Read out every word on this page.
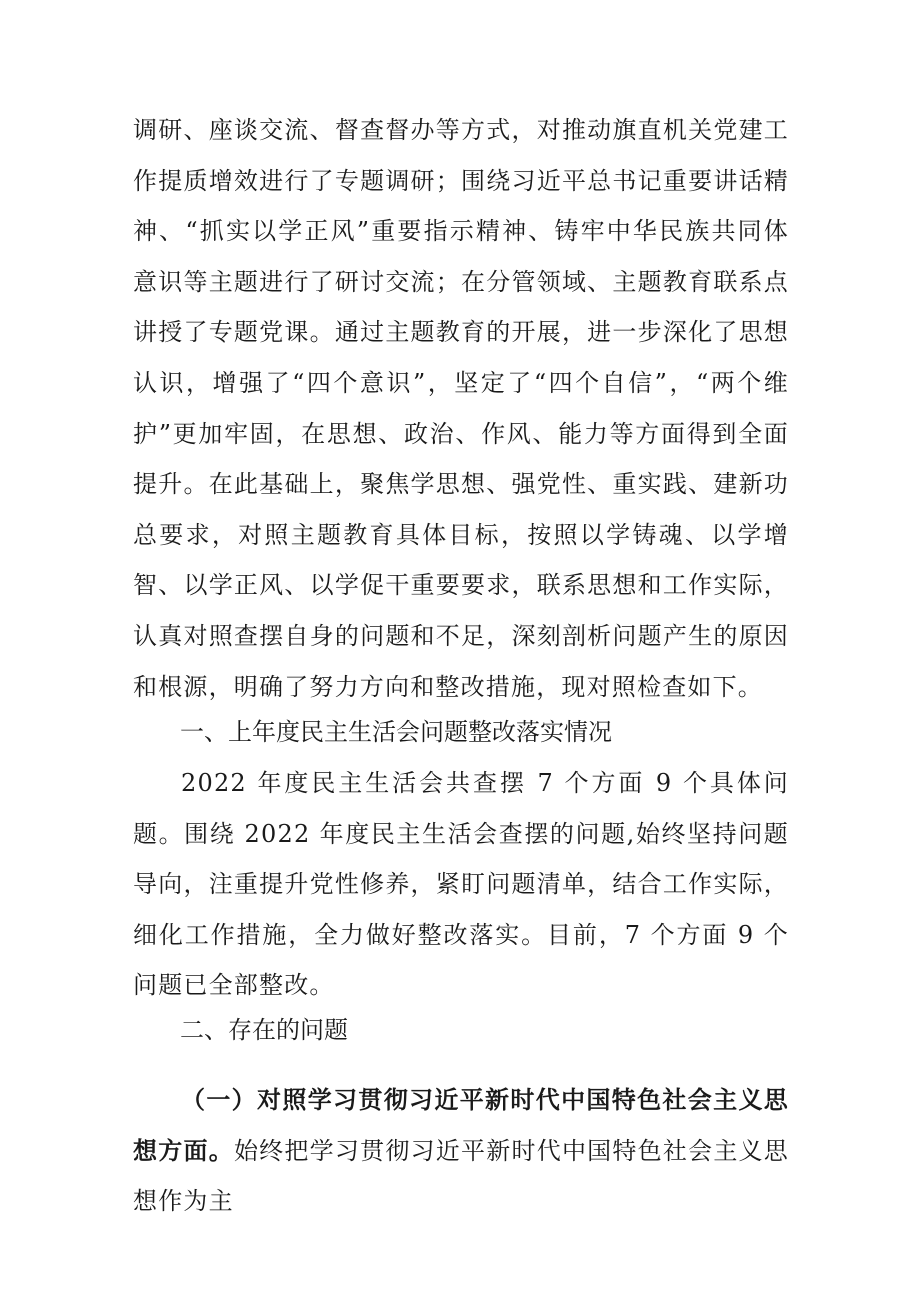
调研、座谈交流、督查督办等方式，对推动旗直机关党建工作提质增效进行了专题调研；围绕习近平总书记重要讲话精神、“抓实以学正风”重要指示精神、铸牢中华民族共同体意识等主题进行了研讨交流；在分管领域、主题教育联系点讲授了专题党课。通过主题教育的开展，进一步深化了思想认识，增强了“四个意识”，坚定了“四个自信”，“两个维护”更加牢固，在思想、政治、作风、能力等方面得到全面提升。在此基础上，聚焦学思想、强党性、重实践、建新功总要求，对照主题教育具体目标，按照以学铸魂、以学增智、以学正风、以学促干重要要求，联系思想和工作实际，认真对照查摆自身的问题和不足，深刻剖析问题产生的原因和根源，明确了努力方向和整改措施，现对照检查如下。

一、上年度民主生活会问题整改落实情况

2022 年度民主生活会共查摆 7 个方面 9 个具体问题。围绕 2022 年度民主生活会查摆的问题,始终坚持问题导向，注重提升党性修养，紧盯问题清单，结合工作实际，细化工作措施，全力做好整改落实。目前，7 个方面 9 个问题已全部整改。

二、存在的问题

（一）对照学习贯彻习近平新时代中国特色社会主义思想方面。始终把学习贯彻习近平新时代中国特色社会主义思想作为主
